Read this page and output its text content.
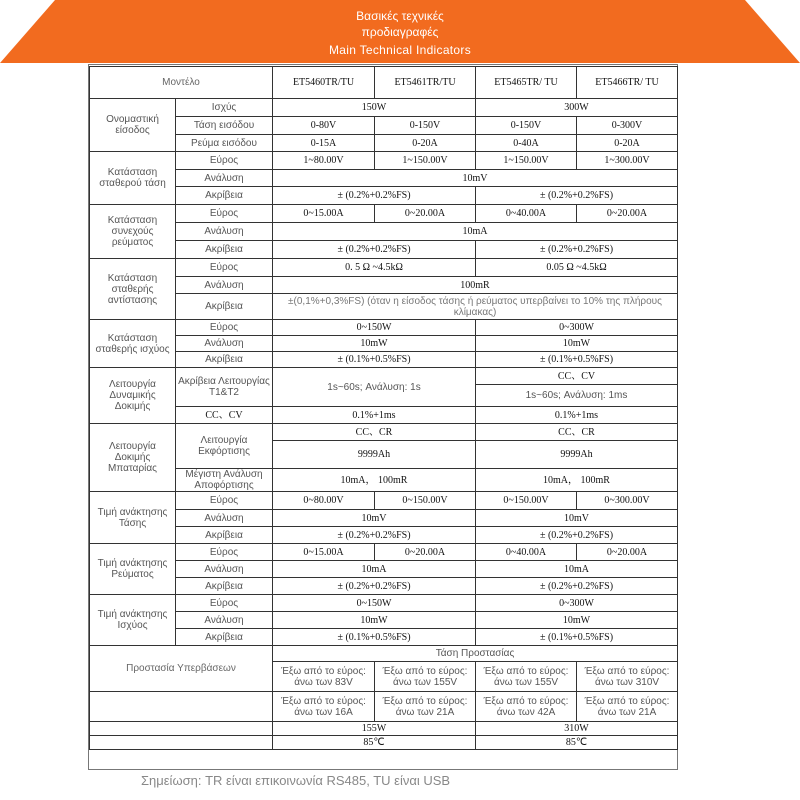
Βασικές τεχνικές
προδιαγραφές
Main Technical Indicators
Μοντέλο		ET5460TR/TU	ET5461TR/TU	ET5465TR/ TU	ET5466TR/ TU
Ονομαστική είσοδος	Ισχύς	150W		300W	
	Τάση εισόδου	0-80V	0-150V	0-150V	0-300V
	Ρεύμα εισόδου	0-15A	0-20A	0-40A	0-20A
Κατάσταση σταθερού τάση	Εύρος	1~80.00V	1~150.00V	1~150.00V	1~300.00V
	Ανάλυση	10mV			
	Ακρίβεια	± (0.2%+0.2%FS)		± (0.2%+0.2%FS)	
Κατάσταση συνεχούς ρεύματος	Εύρος	0~15.00A	0~20.00A	0~40.00A	0~20.00A
	Ανάλυση	10mA			
	Ακρίβεια	± (0.2%+0.2%FS)		± (0.2%+0.2%FS)	
Κατάσταση σταθερής αντίστασης	Εύρος	0. 5 Ω ~4.5kΩ		0.05 Ω ~4.5kΩ	
	Ανάλυση	100mR			
	Ακρίβεια	±(0,1%+0,3%FS) (όταν η είσοδος τάσης ή ρεύματος υπερβαίνει το 10% της πλήρους κλίμακας)			
Κατάσταση σταθερής ισχύος	Εύρος	0~150W		0~300W	
	Ανάλυση	10mW		10mW	
	Ακρίβεια	± (0.1%+0.5%FS)		± (0.1%+0.5%FS)	
Λειτουργία Δυναμικής Δοκιμής	Ακρίβεια Λειτουργίας Τ1&Τ2	1s~60s; Ανάλυση: 1s		CC、CV	
				1s~60s; Ανάλυση: 1ms	
	CC、CV	0.1%+1ms		0.1%+1ms	
Λειτουργία Δοκιμής Μπαταρίας	Λειτουργία Εκφόρτισης	CC、CR		CC、CR	
		9999Ah		9999Ah	
	Μέγιστη Ανάλυση Αποφόρτισης	10mA， 100mR		10mA， 100mR	
Τιμή ανάκτησης Τάσης	Εύρος	0~80.00V	0~150.00V	0~150.00V	0~300.00V
	Ανάλυση	10mV		10mV	
	Ακρίβεια	± (0.2%+0.2%FS)		± (0.2%+0.2%FS)	
Τιμή ανάκτησης Ρεύματος	Εύρος	0~15.00A	0~20.00A	0~40.00A	0~20.00A
	Ανάλυση	10mA		10mA	
	Ακρίβεια	± (0.2%+0.2%FS)		± (0.2%+0.2%FS)	
Τιμή ανάκτησης Ισχύος	Εύρος	0~150W		0~300W	
	Ανάλυση	10mW		10mW	
	Ακρίβεια	± (0.1%+0.5%FS)		± (0.1%+0.5%FS)	
Προστασία Υπερβάσεων		Τάση Προστασίας			
		Έξω από το εύρος: άνω των 83V	Έξω από το εύρος: άνω των 155V	Έξω από το εύρος: άνω των 155V	Έξω από το εύρος: άνω των 310V
		Έξω από το εύρος: άνω των 16A	Έξω από το εύρος: άνω των 21A	Έξω από το εύρος: άνω των 42A	Έξω από το εύρος: άνω των 21A
		155W		310W	
		85℃		85℃	
Σημείωση: TR είναι επικοινωνία RS485, TU είναι USB
